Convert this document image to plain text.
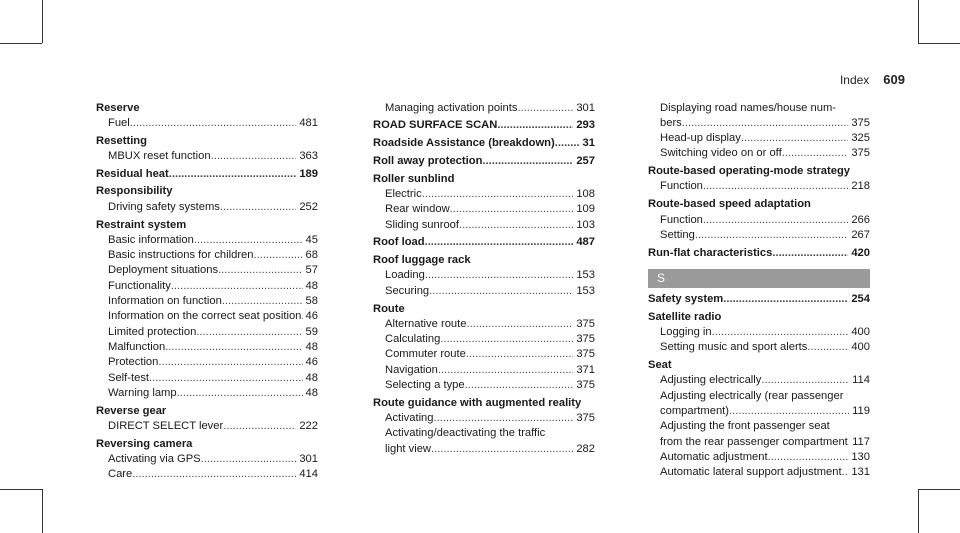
Index 609
Reserve
Fuel .....	481
Resetting
MBUX reset function .....	363
Residual heat .....	189
Responsibility
Driving safety systems .....	252
Restraint system
Basic information .....	45
Basic instructions for children .....	68
Deployment situations .....	57
Functionality .....	48
Information on function .....	58
Information on the correct seat position ..... 46
Limited protection .....	59
Malfunction .....	48
Protection .....	46
Self-test .....	48
Warning lamp .....	48
Reverse gear
DIRECT SELECT lever .....	222
Reversing camera
Activating via GPS .....	301
Care .....	414
Managing activation points .....	301
ROAD SURFACE SCAN .....	293
Roadside Assistance (breakdown) ..... 31
Roll away protection .....	257
Roller sunblind
Electric .....	108
Rear window .....	109
Sliding sunroof .....	103
Roof load .....	487
Roof luggage rack
Loading .....	153
Securing .....	153
Route
Alternative route .....	375
Calculating .....	375
Commuter route .....	375
Navigation .....	371
Selecting a type .....	375
Route guidance with augmented reality
Activating .....	375
Activating/deactivating the traffic
light view .....	282
Displaying road names/house num-
bers .....	375
Head-up display .....	325
Switching video on or off .....	375
Route-based operating-mode strategy
Function .....	218
Route-based speed adaptation
Function .....	266
Setting .....	267
Run-flat characteristics .....	420
S
Safety system .....	254
Satellite radio
Logging in .....	400
Setting music and sport alerts .....	400
Seat
Adjusting electrically .....	114
Adjusting electrically (rear passenger
compartment) .....	119
Adjusting the front passenger seat
from the rear passenger compartment ..... 117
Automatic adjustment .....	130
Automatic lateral support adjustment ..... 131
